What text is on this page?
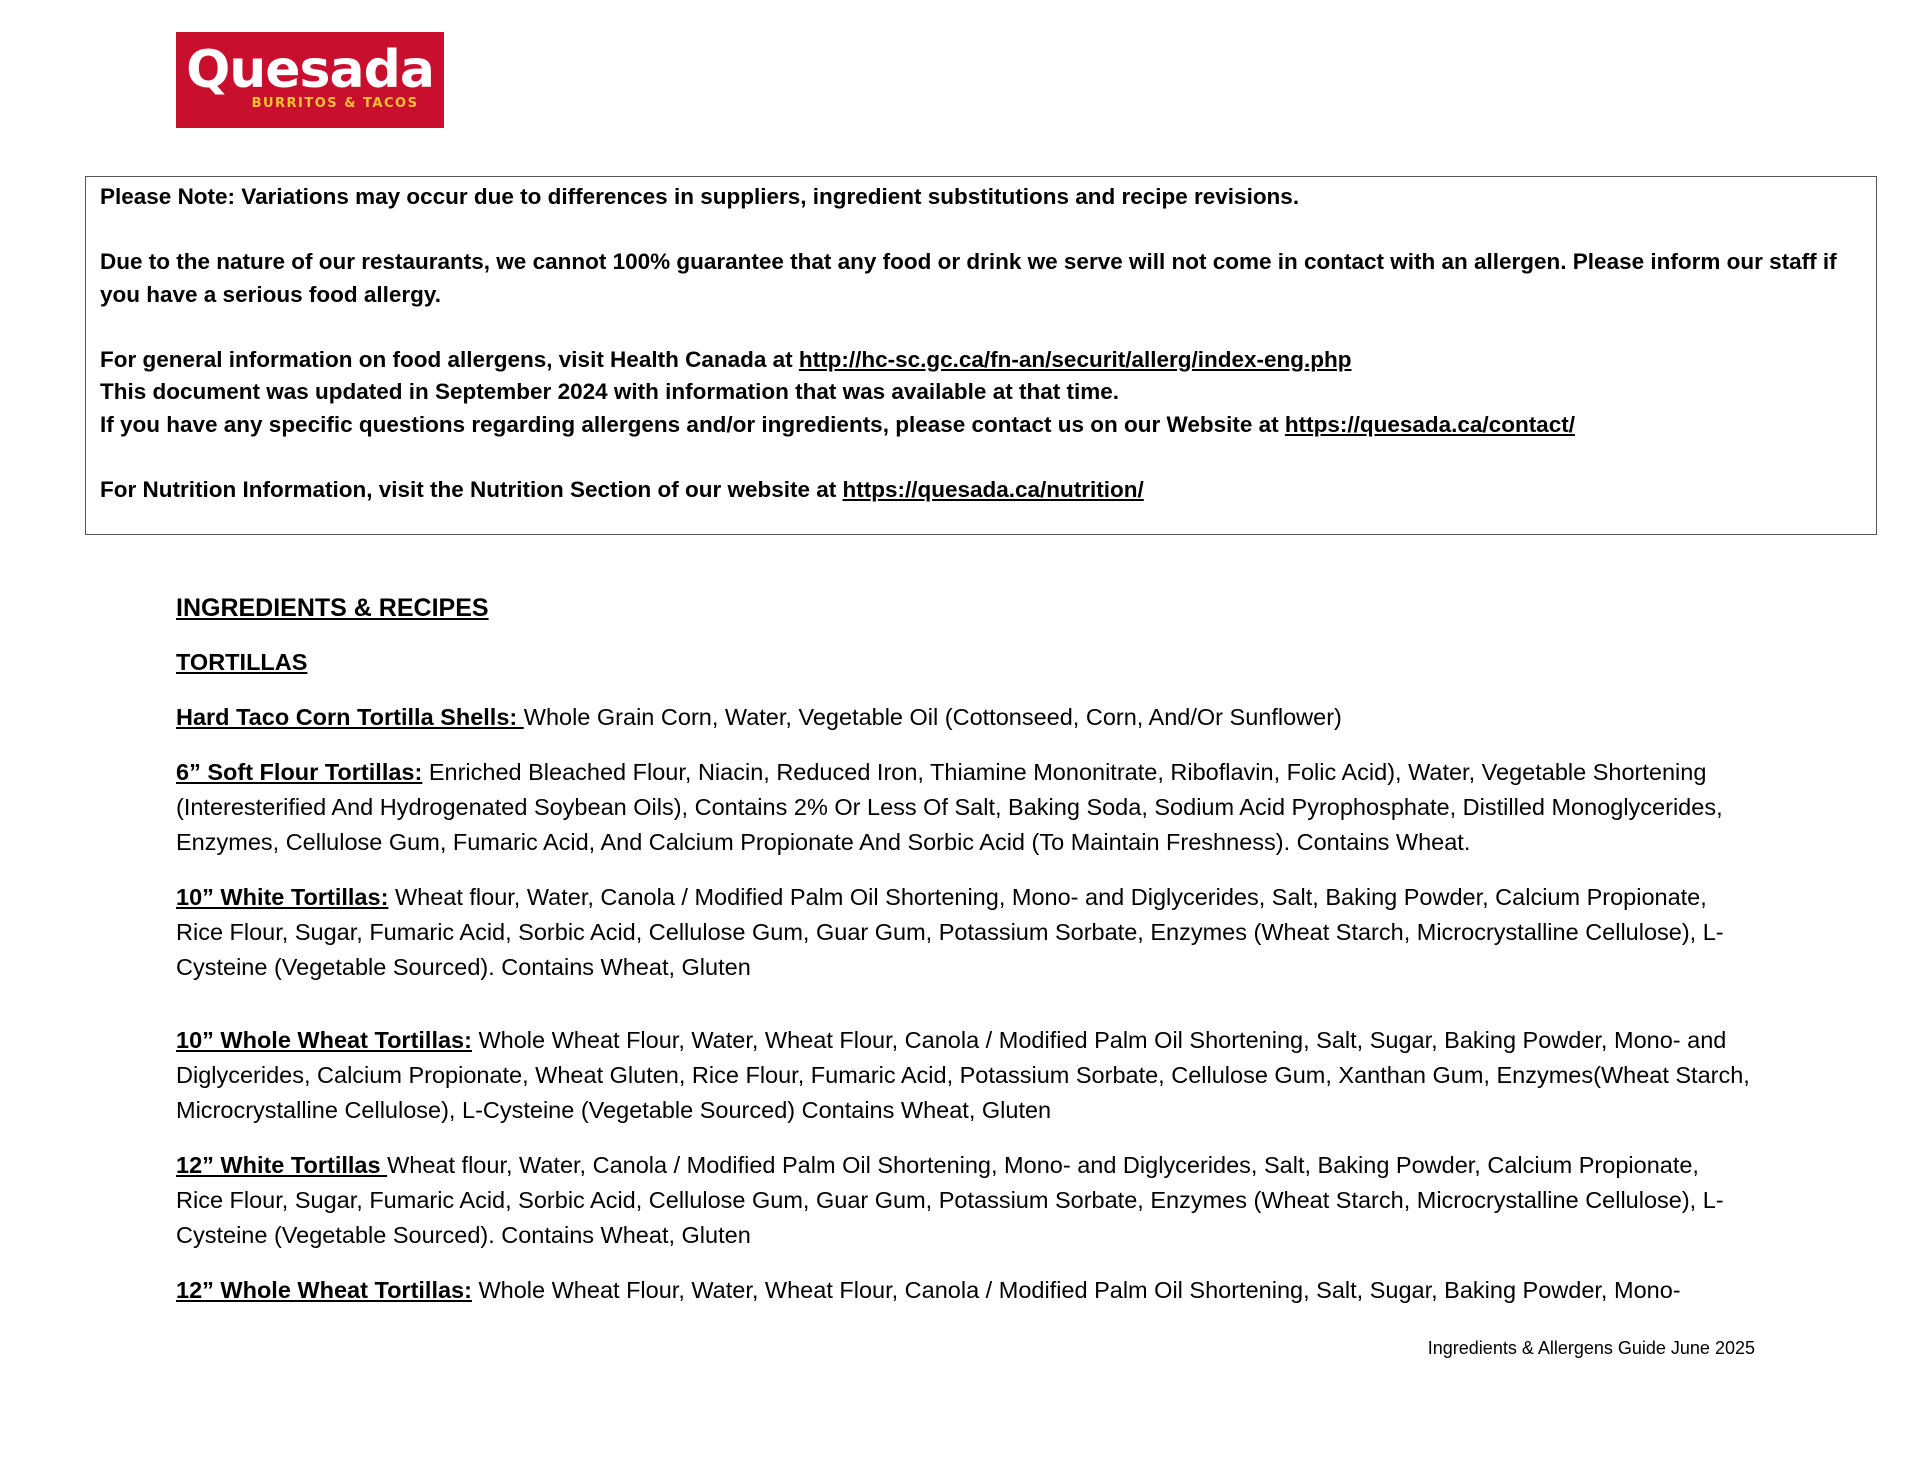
Quesada
BURRITOS & TACOS

Please Note: Variations may occur due to differences in suppliers, ingredient substitutions and recipe revisions.

Due to the nature of our restaurants, we cannot 100% guarantee that any food or drink we serve will not come in contact with an allergen. Please inform our staff if you have a serious food allergy.

For general information on food allergens, visit Health Canada at http://hc-sc.gc.ca/fn-an/securit/allerg/index-eng.php

This document was updated in September 2024 with information that was available at that time.

If you have any specific questions regarding allergens and/or ingredients, please contact us on our Website at https://quesada.ca/contact/

For Nutrition Information, visit the Nutrition Section of our website at https://quesada.ca/nutrition/

INGREDIENTS & RECIPES
TORTILLAS

Hard Taco Corn Tortilla Shells: Whole Grain Corn, Water, Vegetable Oil (Cottonseed, Corn, And/Or Sunflower)

6” Soft Flour Tortillas: Enriched Bleached Flour, Niacin, Reduced Iron, Thiamine Mononitrate, Riboflavin, Folic Acid), Water, Vegetable Shortening (Interesterified And Hydrogenated Soybean Oils), Contains 2% Or Less Of Salt, Baking Soda, Sodium Acid Pyrophosphate, Distilled Monoglycerides, Enzymes, Cellulose Gum, Fumaric Acid, And Calcium Propionate And Sorbic Acid (To Maintain Freshness). Contains Wheat.

10” White Tortillas: Wheat flour, Water, Canola / Modified Palm Oil Shortening, Mono- and Diglycerides, Salt, Baking Powder, Calcium Propionate, Rice Flour, Sugar, Fumaric Acid, Sorbic Acid, Cellulose Gum, Guar Gum, Potassium Sorbate, Enzymes (Wheat Starch, Microcrystalline Cellulose), L-Cysteine (Vegetable Sourced). Contains Wheat, Gluten

10” Whole Wheat Tortillas: Whole Wheat Flour, Water, Wheat Flour, Canola / Modified Palm Oil Shortening, Salt, Sugar, Baking Powder, Mono- and Diglycerides, Calcium Propionate, Wheat Gluten, Rice Flour, Fumaric Acid, Potassium Sorbate, Cellulose Gum, Xanthan Gum, Enzymes(Wheat Starch, Microcrystalline Cellulose), L-Cysteine (Vegetable Sourced) Contains Wheat, Gluten

12” White Tortillas Wheat flour, Water, Canola / Modified Palm Oil Shortening, Mono- and Diglycerides, Salt, Baking Powder, Calcium Propionate, Rice Flour, Sugar, Fumaric Acid, Sorbic Acid, Cellulose Gum, Guar Gum, Potassium Sorbate, Enzymes (Wheat Starch, Microcrystalline Cellulose), L-Cysteine (Vegetable Sourced). Contains Wheat, Gluten

12” Whole Wheat Tortillas: Whole Wheat Flour, Water, Wheat Flour, Canola / Modified Palm Oil Shortening, Salt, Sugar, Baking Powder, Mono-

Ingredients & Allergens Guide June 2025
